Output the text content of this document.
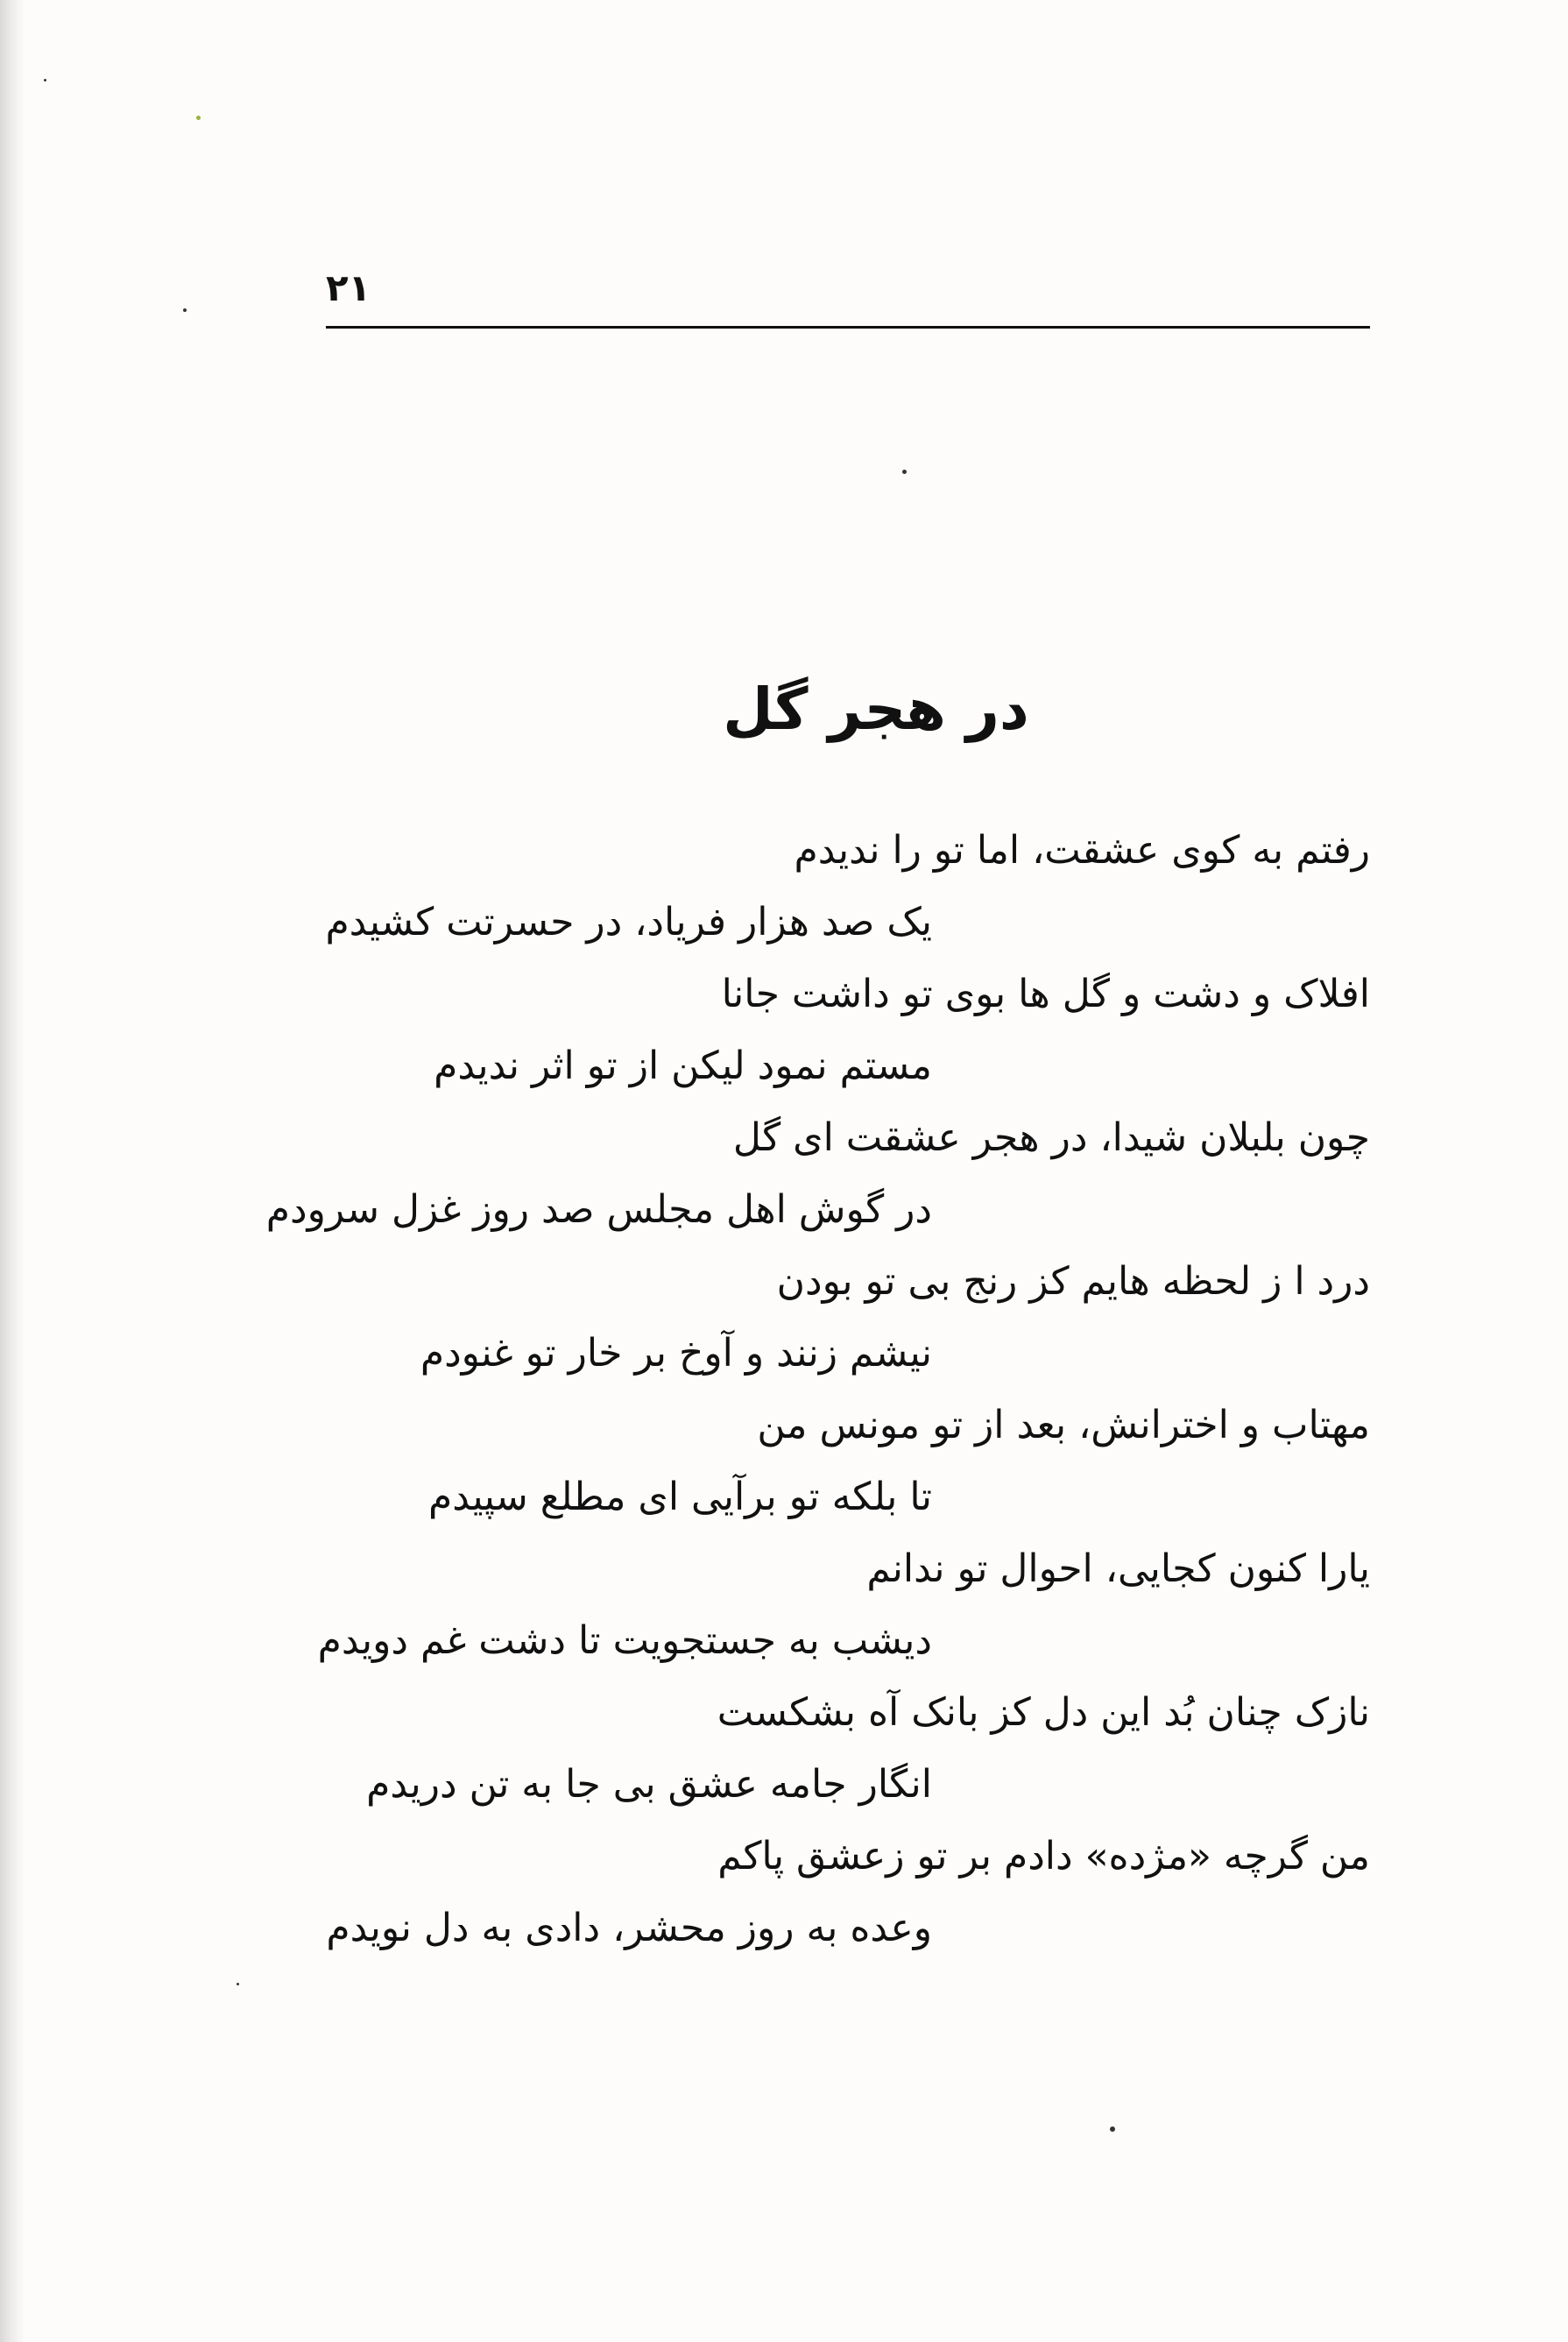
۲۱
در هجر گل
رفتم به کوی عشقت، اما تو را ندیدم
یک صد هزار فریاد، در حسرتت کشیدم
افلاک و دشت و گل ها بوی تو داشت جانا
مستم نمود لیکن از تو اثر ندیدم
چون بلبلان شیدا، در هجر عشقت ای گل
در گوش اهل مجلس صد روز غزل سرودم
درد ا ز لحظه هایم کز رنج بی تو بودن
نیشم زنند و آوخ بر خار تو غنودم
مهتاب و اخترانش، بعد از تو مونس من
تا بلکه تو برآیی ای مطلع سپیدم
یارا کنون کجایی، احوال تو ندانم
دیشب به جستجویت تا دشت غم دویدم
نازک چنان بُد این دل کز بانک آه بشکست
انگار جامه عشق بی جا به تن دریدم
من گرچه «مژده» دادم بر تو زعشق پاکم
وعده به روز محشر، دادی به دل نویدم
